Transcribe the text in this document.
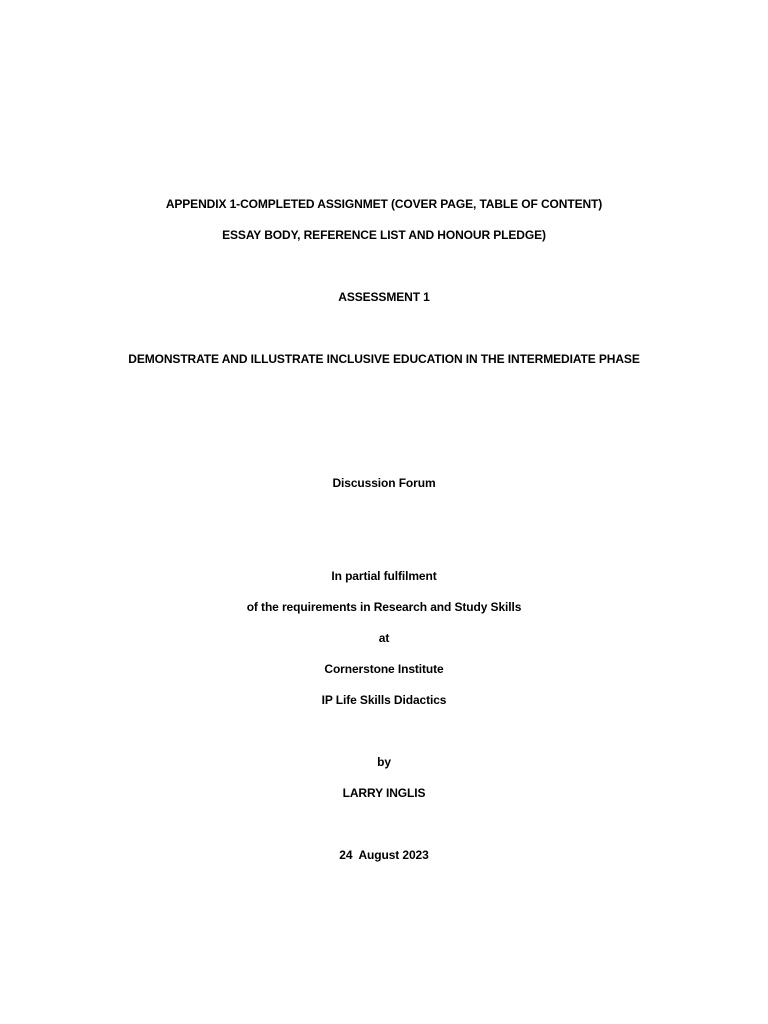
APPENDIX 1-COMPLETED ASSIGNMET (COVER PAGE, TABLE OF CONTENT)
ESSAY BODY, REFERENCE LIST AND HONOUR PLEDGE)
ASSESSMENT 1
DEMONSTRATE AND ILLUSTRATE INCLUSIVE EDUCATION IN THE INTERMEDIATE PHASE
Discussion Forum
In partial fulfilment
of the requirements in Research and Study Skills
at
Cornerstone Institute
IP Life Skills Didactics
by
LARRY INGLIS
24  August 2023
